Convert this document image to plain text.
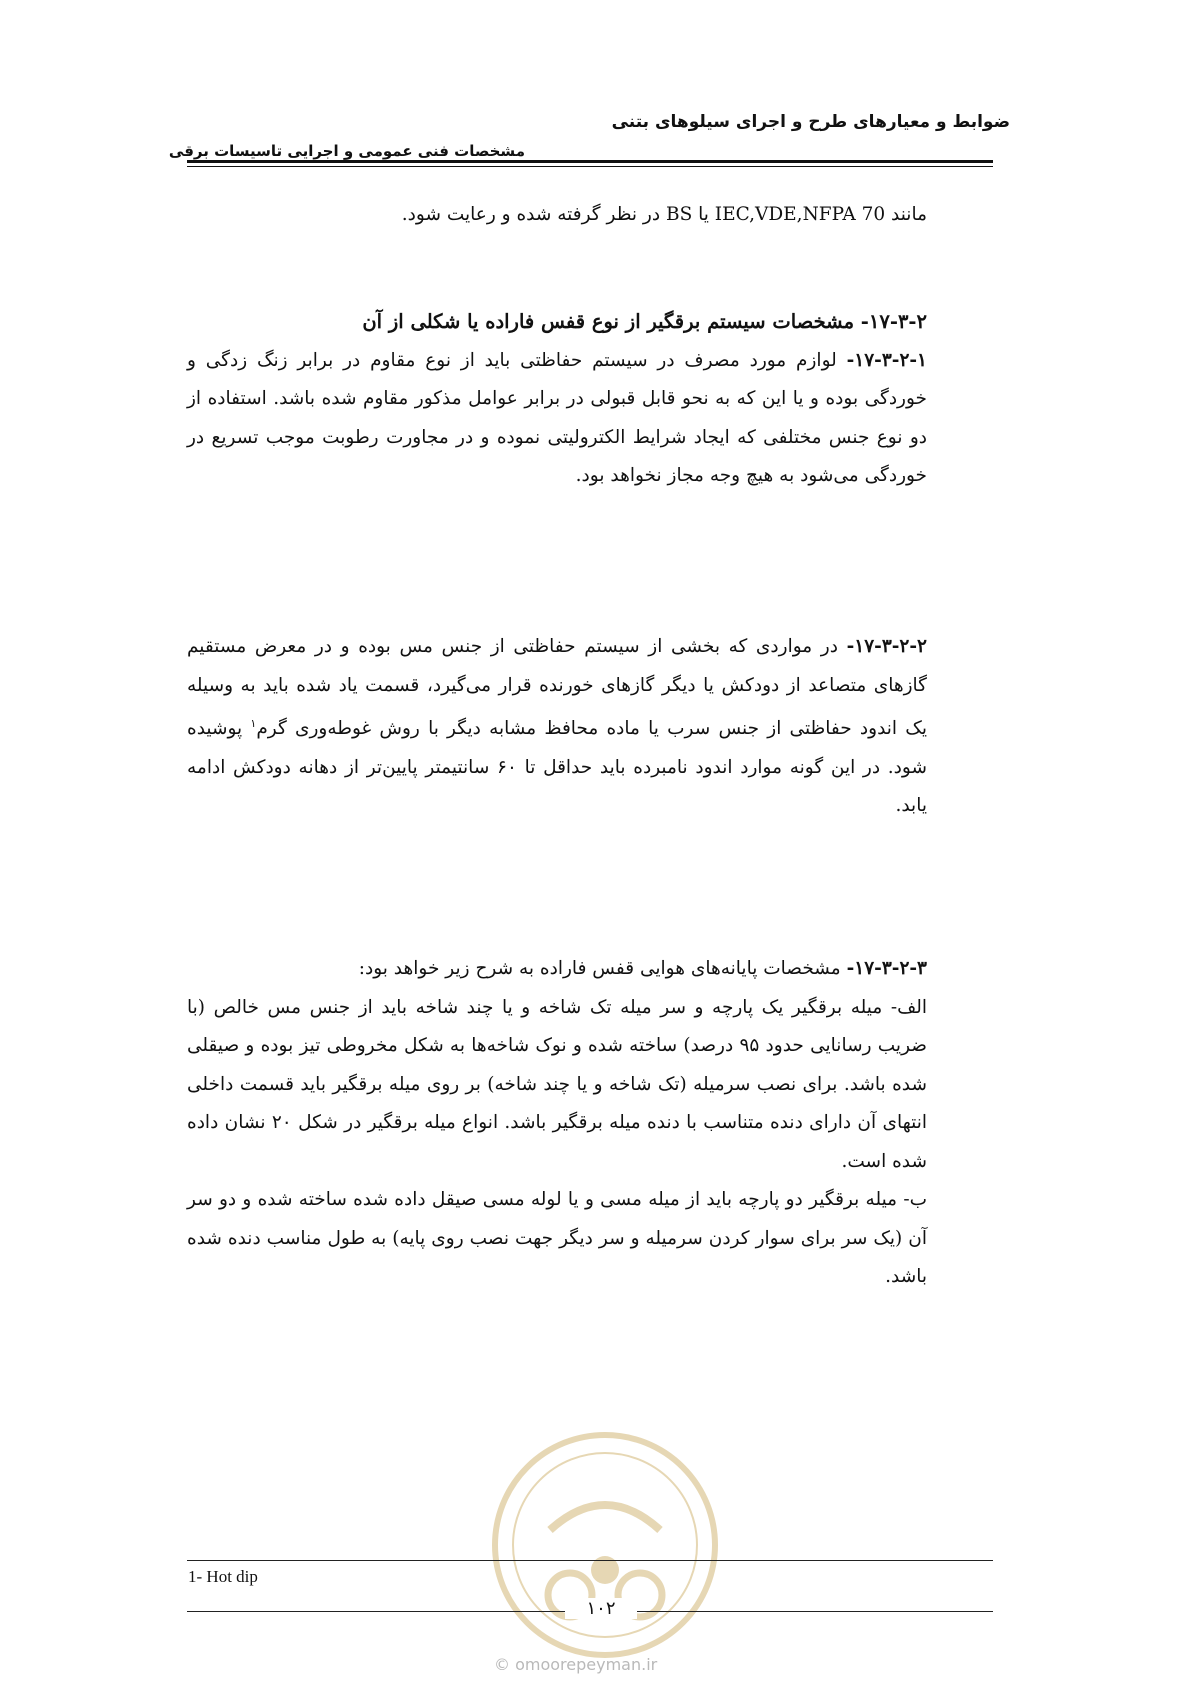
ضوابط و معیارهای طرح و اجرای سیلوهای بتنی
مشخصات فنی عمومی و اجرایی تاسیسات برقی

مانند IEC,VDE,NFPA 70 یا BS در نظر گرفته شده و رعایت شود.

۱۷-۳-۲- مشخصات سیستم برقگیر از نوع قفس فاراده یا شکلی از آن

۱۷-۳-۲-۱- لوازم مورد مصرف در سیستم حفاظتی باید از نوع مقاوم در برابر زنگ زدگی و خوردگی بوده و یا این که به نحو قابل قبولی در برابر عوامل مذکور مقاوم شده باشد. استفاده از دو نوع جنس مختلفی که ایجاد شرایط الکترولیتی نموده و در مجاورت رطوبت موجب تسریع در خوردگی می‌شود به هیچ وجه مجاز نخواهد بود.

۱۷-۳-۲-۲- در مواردی که بخشی از سیستم حفاظتی از جنس مس بوده و در معرض مستقیم گازهای متصاعد از دودکش یا دیگر گازهای خورنده قرار می‌گیرد، قسمت یاد شده باید به وسیله یک اندود حفاظتی از جنس سرب یا ماده محافظ مشابه دیگر با روش غوطه‌وری گرم$^۱$ پوشیده شود. در این گونه موارد اندود نامبرده باید حداقل تا ۶۰ سانتیمتر پایین‌تر از دهانه دودکش ادامه یابد.

۱۷-۳-۲-۳- مشخصات پایانه‌های هوایی قفس فاراده به شرح زیر خواهد بود:

الف- میله برقگیر یک پارچه و سر میله تک شاخه و یا چند شاخه باید از جنس مس خالص (با ضریب رسانایی حدود ۹۵ درصد) ساخته شده و نوک شاخه‌ها به شکل مخروطی تیز بوده و صیقلی شده باشد. برای نصب سرمیله (تک شاخه و یا چند شاخه) بر روی میله برقگیر باید قسمت داخلی انتهای آن دارای دنده متناسب با دنده میله برقگیر باشد. انواع میله برقگیر در شکل ۲۰ نشان داده شده است.

ب- میله برقگیر دو پارچه باید از میله مسی و یا لوله مسی صیقل داده شده ساخته شده و دو سر آن (یک سر برای سوار کردن سرمیله و سر دیگر جهت نصب روی پایه) به طول مناسب دنده شده باشد.

1- Hot dip
۱۰۲
© omoorepeyman.ir
